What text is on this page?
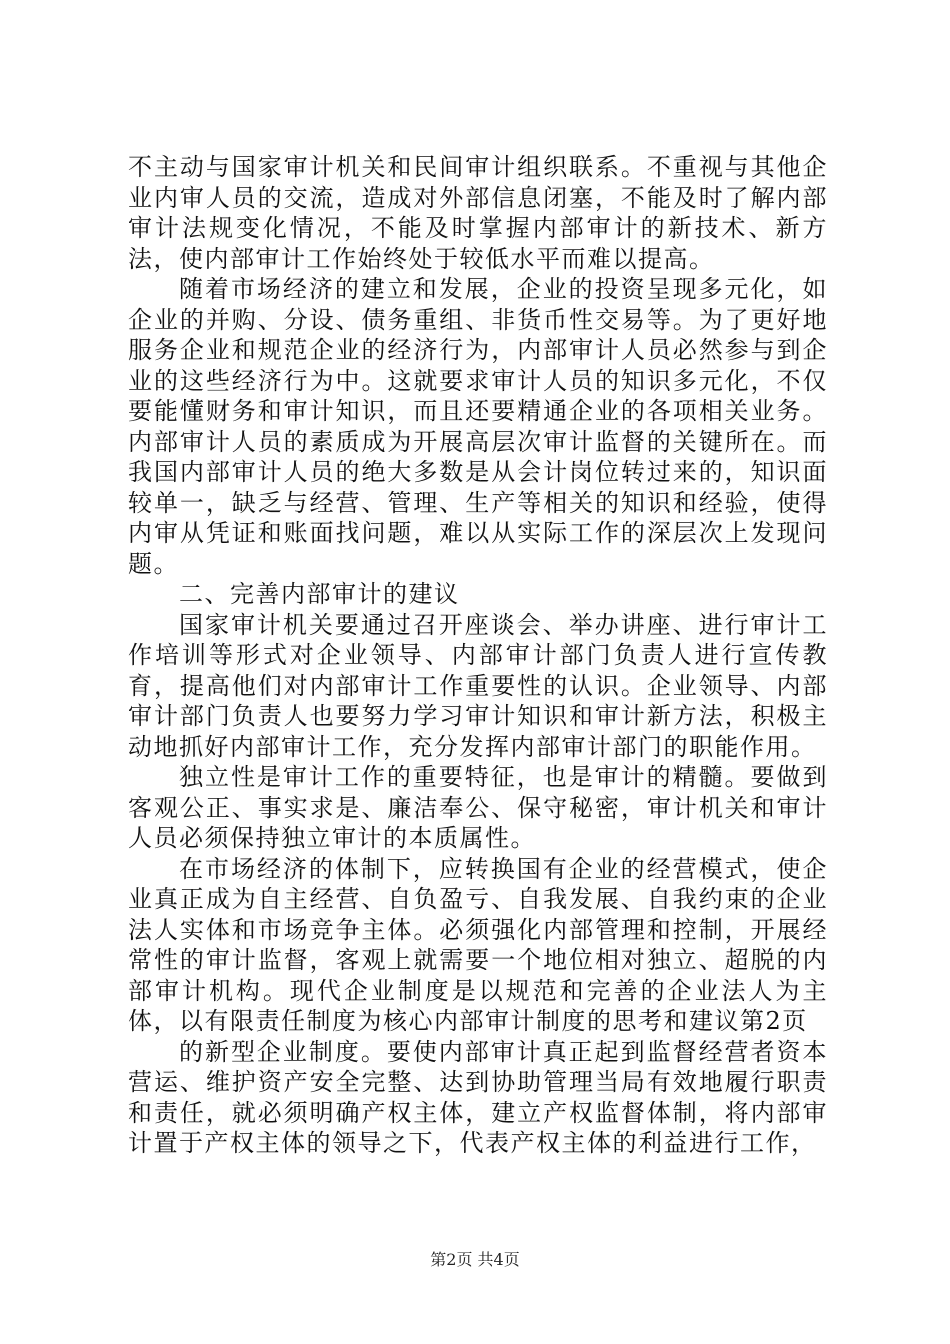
不主动与国家审计机关和民间审计组织联系。不重视与其他企业内审人员的交流，造成对外部信息闭塞，不能及时了解内部审计法规变化情况，不能及时掌握内部审计的新技术、新方法，使内部审计工作始终处于较低水平而难以提高。

随着市场经济的建立和发展，企业的投资呈现多元化，如企业的并购、分设、债务重组、非货币性交易等。为了更好地服务企业和规范企业的经济行为，内部审计人员必然参与到企业的这些经济行为中。这就要求审计人员的知识多元化，不仅要能懂财务和审计知识，而且还要精通企业的各项相关业务。内部审计人员的素质成为开展高层次审计监督的关键所在。而我国内部审计人员的绝大多数是从会计岗位转过来的，知识面较单一，缺乏与经营、管理、生产等相关的知识和经验，使得内审从凭证和账面找问题，难以从实际工作的深层次上发现问题。

二、完善内部审计的建议

国家审计机关要通过召开座谈会、举办讲座、进行审计工作培训等形式对企业领导、内部审计部门负责人进行宣传教育，提高他们对内部审计工作重要性的认识。企业领导、内部审计部门负责人也要努力学习审计知识和审计新方法，积极主动地抓好内部审计工作，充分发挥内部审计部门的职能作用。

独立性是审计工作的重要特征，也是审计的精髓。要做到客观公正、事实求是、廉洁奉公、保守秘密，审计机关和审计人员必须保持独立审计的本质属性。

在市场经济的体制下，应转换国有企业的经营模式，使企业真正成为自主经营、自负盈亏、自我发展、自我约束的企业法人实体和市场竞争主体。必须强化内部管理和控制，开展经常性的审计监督，客观上就需要一个地位相对独立、超脱的内部审计机构。现代企业制度是以规范和完善的企业法人为主体，以有限责任制度为核心内部审计制度的思考和建议第2页

的新型企业制度。要使内部审计真正起到监督经营者资本营运、维护资产安全完整、达到协助管理当局有效地履行职责和责任，就必须明确产权主体，建立产权监督体制，将内部审计置于产权主体的领导之下，代表产权主体的利益进行工作，

第2页 共4页
